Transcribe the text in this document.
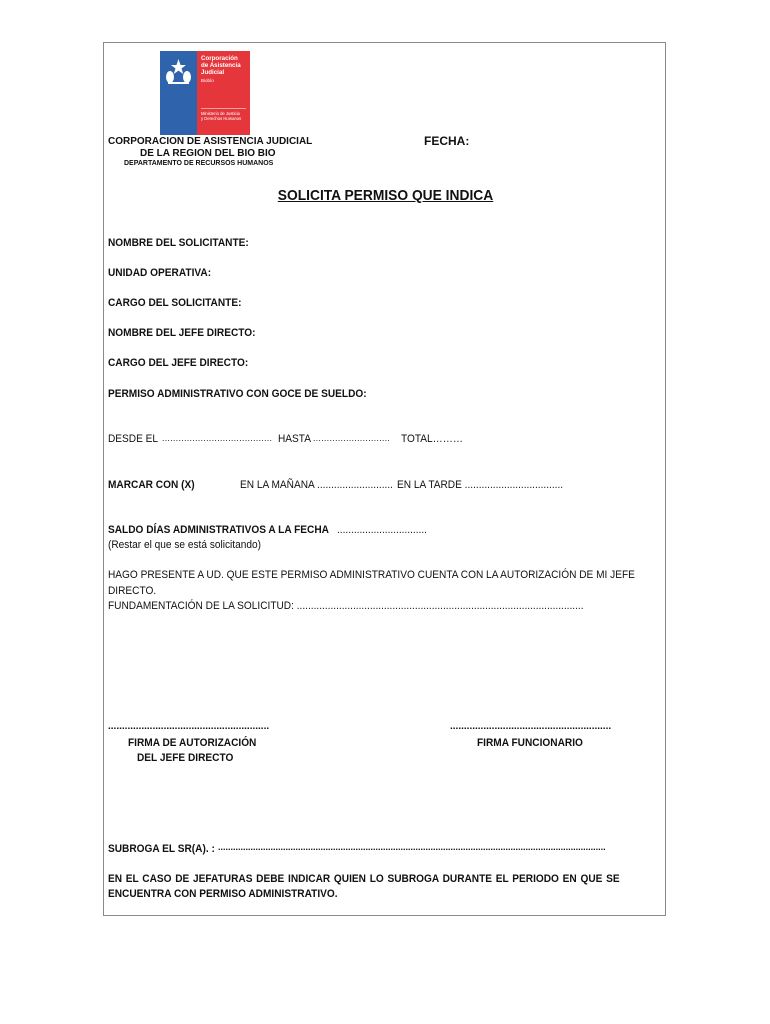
Corporación
de Asistencia
Judicial
Biobío
Ministerio de Justicia
y Derechos Humanos
CORPORACION DE ASISTENCIA JUDICIAL
DE LA REGION DEL BIO BIO
DEPARTAMENTO DE RECURSOS HUMANOS
FECHA:
SOLICITA PERMISO QUE INDICA
NOMBRE DEL SOLICITANTE:
UNIDAD OPERATIVA:
CARGO DEL SOLICITANTE:
NOMBRE DEL JEFE DIRECTO:
CARGO DEL JEFE DIRECTO:
PERMISO ADMINISTRATIVO CON GOCE DE SUELDO:
DESDE EL ........................................ HASTA ............................ TOTAL………
MARCAR CON (X)	EN LA MAÑANA ........................... EN LA TARDE ...................................
SALDO DÍAS ADMINISTRATIVOS A LA FECHA ................................
(Restar el que se está solicitando)
HAGO PRESENTE A UD. QUE ESTE PERMISO ADMINISTRATIVO CUENTA CON LA AUTORIZACIÓN DE MI JEFE
DIRECTO.
FUNDAMENTACIÓN DE LA SOLICITUD: ......................................................................................................
..........................................................
FIRMA DE AUTORIZACIÓN
DEL JEFE DIRECTO
..........................................................
FIRMA FUNCIONARIO
SUBROGA EL SR(A). : ...........................................................................................................................................................
EN EL CASO DE JEFATURAS DEBE INDICAR QUIEN LO SUBROGA DURANTE EL PERIODO EN QUE SE
ENCUENTRA CON PERMISO ADMINISTRATIVO.
